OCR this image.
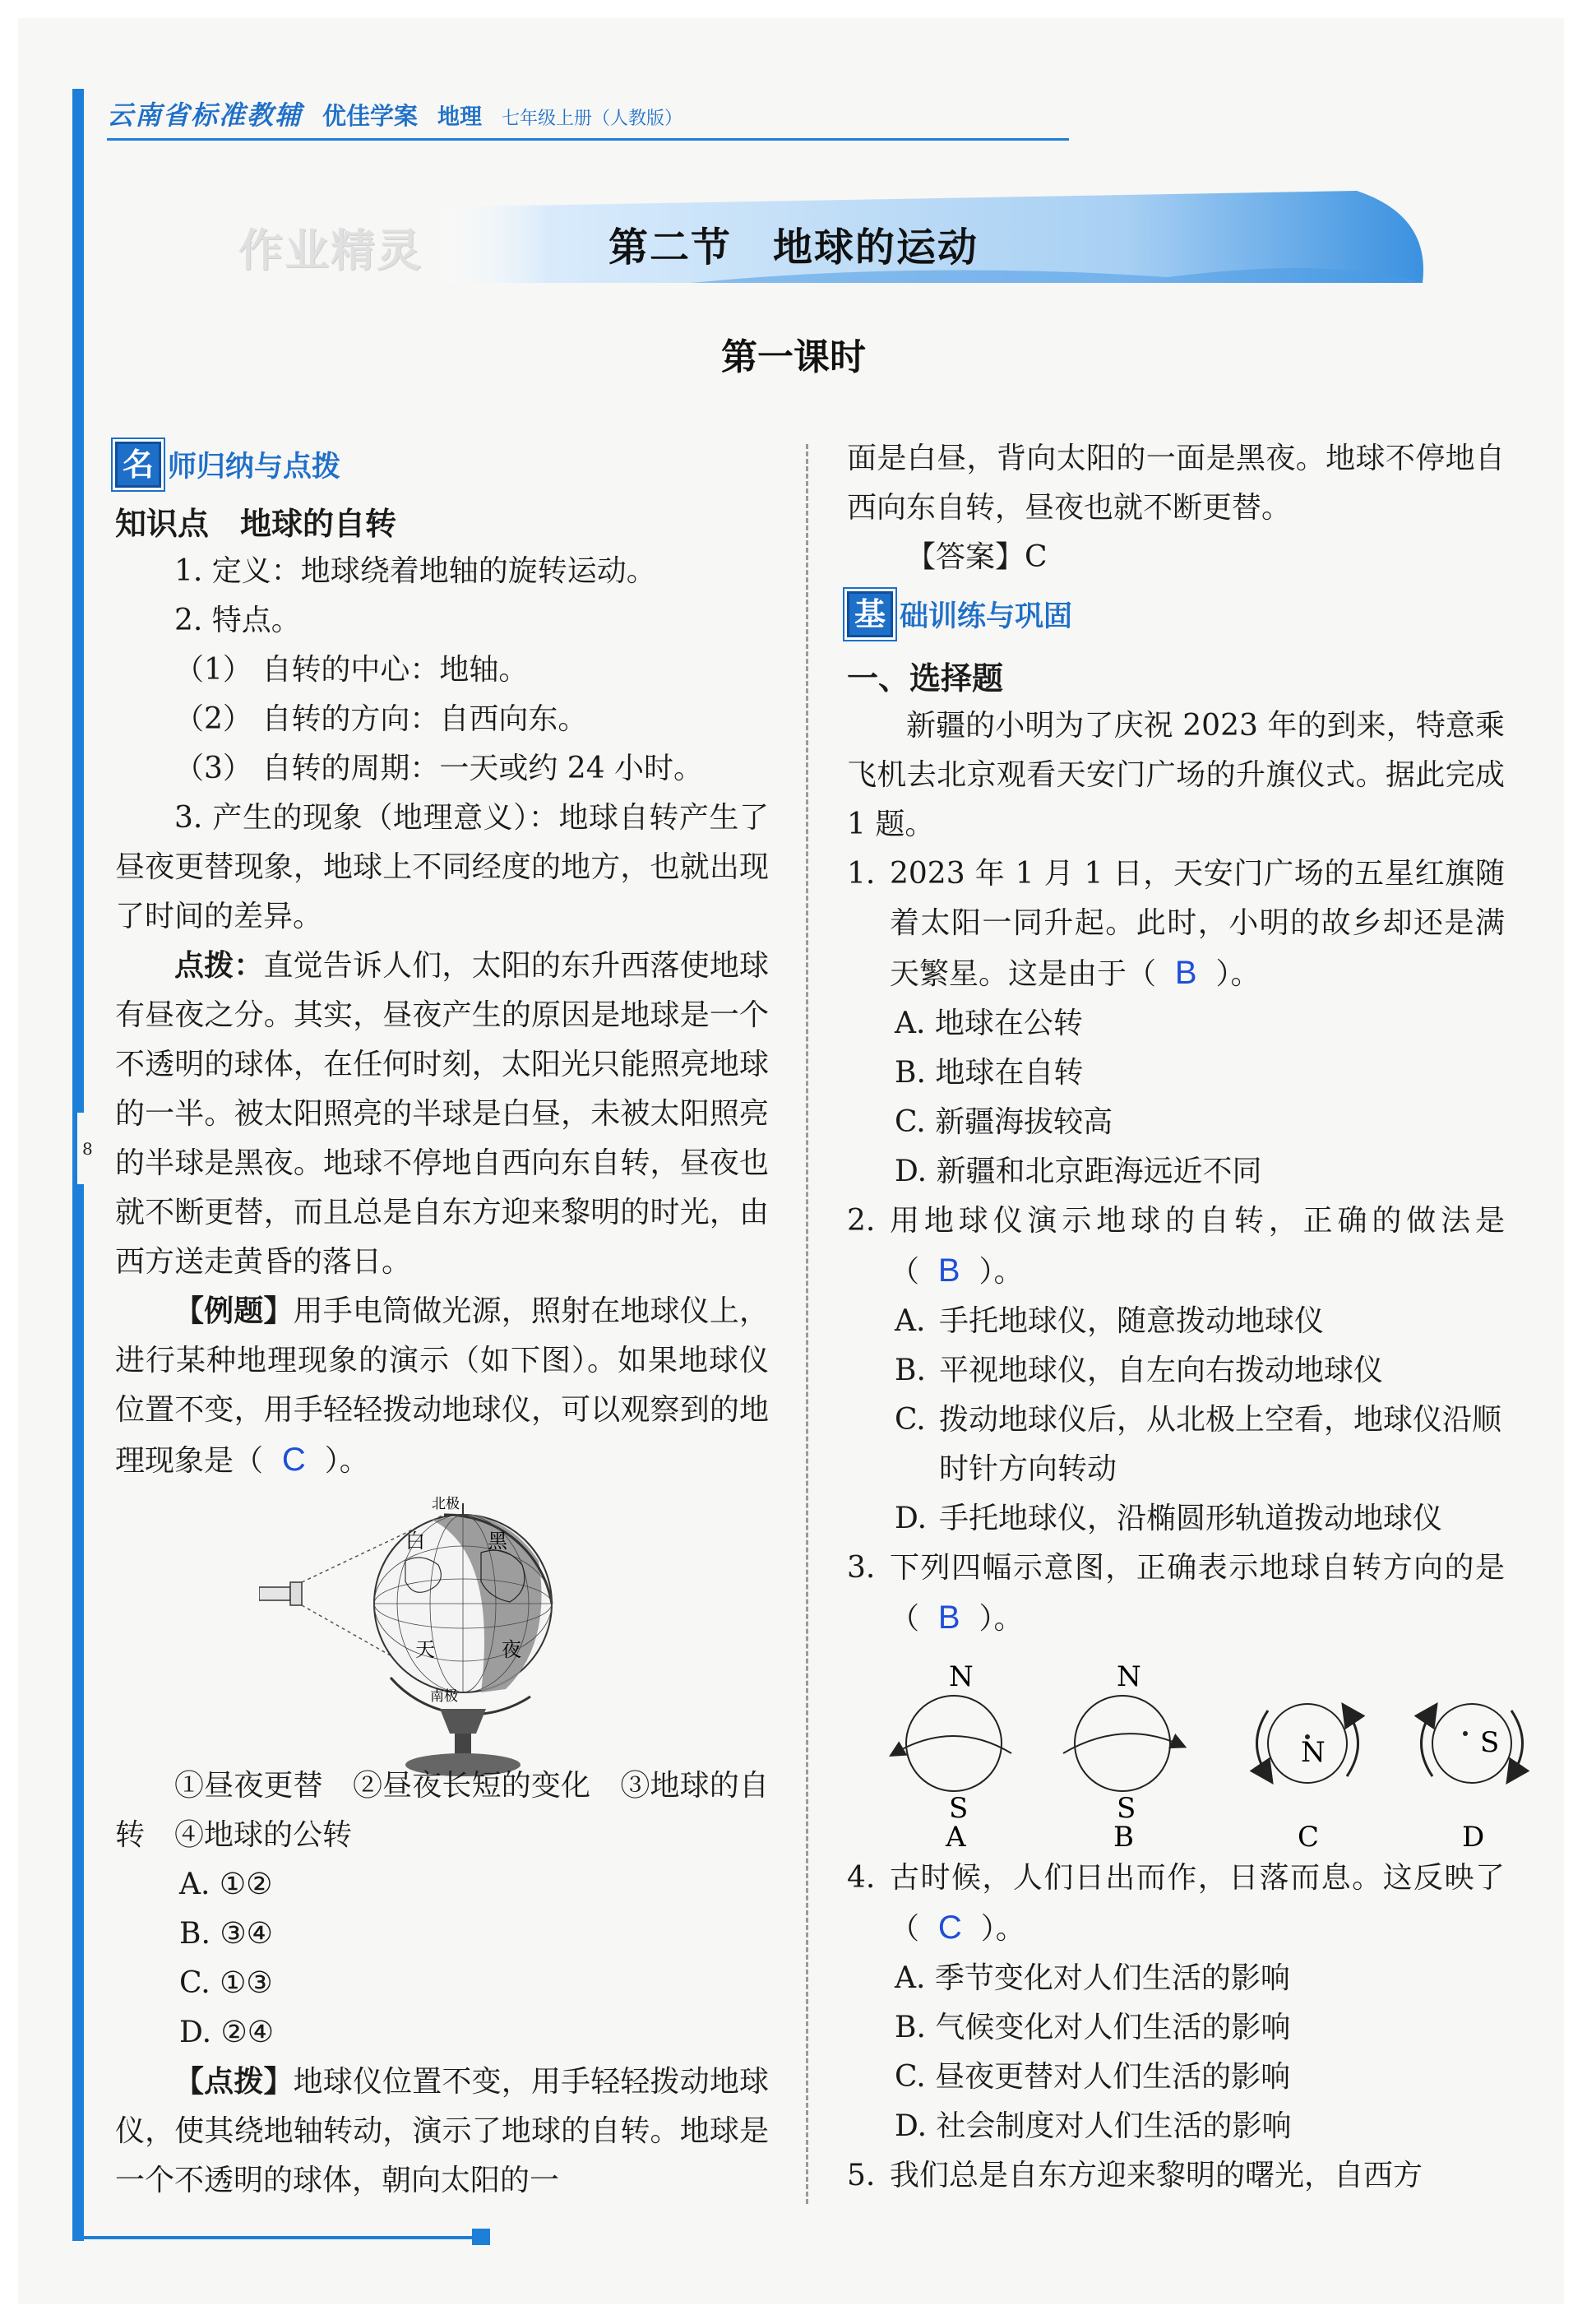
8
云南省标准教辅 优佳学案 地理 七年级上册（人教版）
作业精灵	第二节　地球的运动
第一课时
名 师归纳与点拨
知识点　地球的自转

1. 定义：地球绕着地轴的旋转运动。

2. 特点。

（1） 自转的中心：地轴。

（2） 自转的方向：自西向东。

（3） 自转的周期：一天或约 24 小时。

3. 产生的现象（地理意义）：地球自转产生了昼夜更替现象，地球上不同经度的地方，也就出现了时间的差异。

点拨：直觉告诉人们，太阳的东升西落使地球有昼夜之分。其实，昼夜产生的原因是地球是一个不透明的球体，在任何时刻，太阳光只能照亮地球的一半。被太阳照亮的半球是白昼，未被太阳照亮的半球是黑夜。地球不停地自西向东自转，昼夜也就不断更替，而且总是自东方迎来黎明的时光，由西方送走黄昏的落日。

【例题】用手电筒做光源，照射在地球仪上，进行某种地理现象的演示（如下图）。如果地球仪位置不变，用手轻轻拨动地球仪，可以观察到的地理现象是（ C ）。

北极
南极
白	黑
天	夜

①昼夜更替　②昼夜长短的变化　③地球的自转　④地球的公转

A. ①②
B. ③④
C. ①③
D. ②④

【点拨】地球仪位置不变，用手轻轻拨动地球仪，使其绕地轴转动，演示了地球的自转。地球是一个不透明的球体，朝向太阳的一

面是白昼，背向太阳的一面是黑夜。地球不停地自西向东自转，昼夜也就不断更替。

【答案】C

基 础训练与巩固
一、选择题

新疆的小明为了庆祝 2023 年的到来，特意乘飞机去北京观看天安门广场的升旗仪式。据此完成 1 题。

1. 2023 年 1 月 1 日，天安门广场的五星红旗随着太阳一同升起。此时，小明的故乡却还是满天繁星。这是由于（ B ）。
A. 地球在公转
B. 地球在自转
C. 新疆海拔较高
D. 新疆和北京距海远近不同
2. 用地球仪演示地球的自转，正确的做法是（ B ）。
A. 手托地球仪，随意拨动地球仪
B. 平视地球仪，自左向右拨动地球仪
C. 拨动地球仪后，从北极上空看，地球仪沿顺时针方向转动
D. 手托地球仪，沿椭圆形轨道拨动地球仪
3. 下列四幅示意图，正确表示地球自转方向的是（ B ）。
N
S
A
N
S
B
N
C
S
D
4. 古时候，人们日出而作，日落而息。这反映了（ C ）。
A. 季节变化对人们生活的影响
B. 气候变化对人们生活的影响
C. 昼夜更替对人们生活的影响
D. 社会制度对人们生活的影响
5. 我们总是自东方迎来黎明的曙光，自西方
